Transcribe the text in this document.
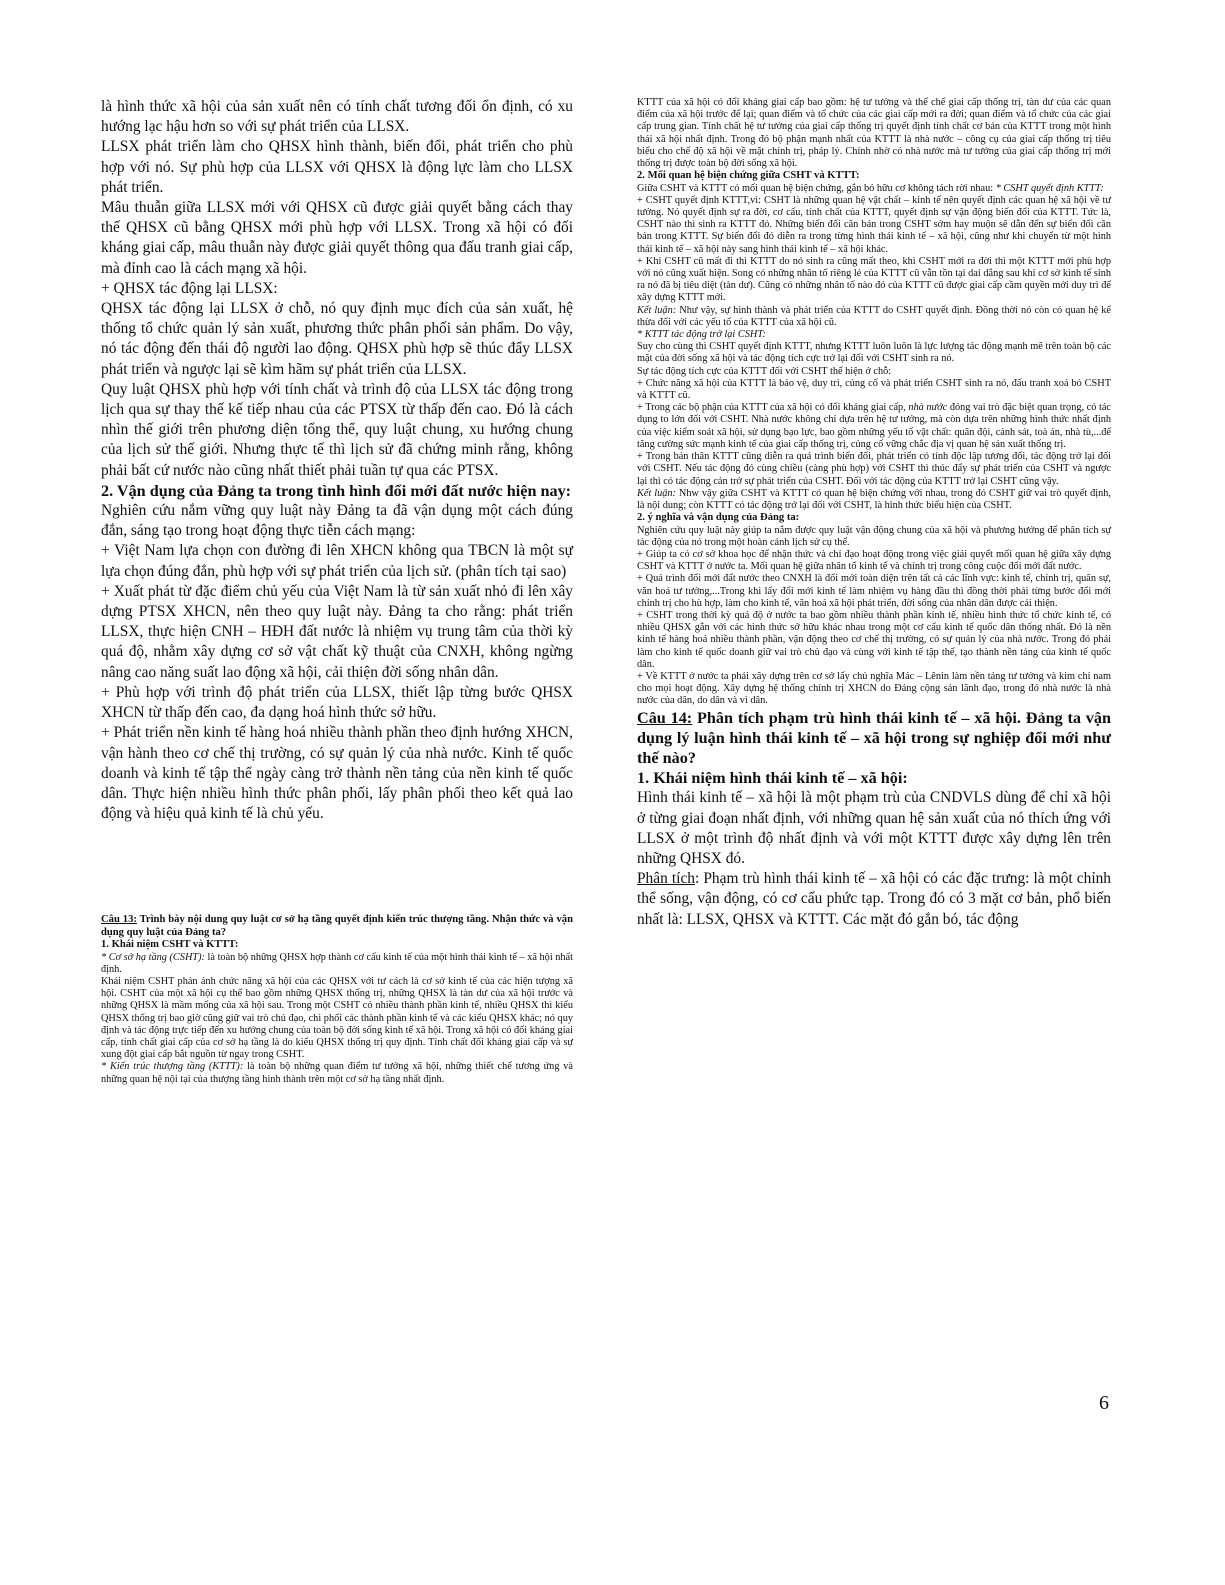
là hình thức xã hội của sản xuất nên có tính chất tương đối ổn định, có xu hướng lạc hậu hơn so với sự phát triển của LLSX.

LLSX phát triển làm cho QHSX hình thành, biến đổi, phát triển cho phù hợp với nó. Sự phù hợp của LLSX với QHSX là động lực làm cho LLSX phát triển.

Mâu thuẫn giữa LLSX mới với QHSX cũ được giải quyết bằng cách thay thế QHSX cũ bằng QHSX mới phù hợp với LLSX. Trong xã hội có đối kháng giai cấp, mâu thuẫn này được giải quyết thông qua đấu tranh giai cấp, mà đỉnh cao là cách mạng xã hội.

+ QHSX tác động lại LLSX:

QHSX tác động lại LLSX ở chỗ, nó quy định mục đích của sản xuất, hệ thống tổ chức quản lý sản xuất, phương thức phân phối sản phẩm. Do vậy, nó tác động đến thái độ người lao động. QHSX phù hợp sẽ thúc đẩy LLSX phát triển và ngược lại sẽ kìm hãm sự phát triển của LLSX.

Quy luật QHSX phù hợp với tính chất và trình độ của LLSX tác động trong lịch qua sự thay thế kế tiếp nhau của các PTSX từ thấp đến cao. Đó là cách nhìn thế giới trên phương diện tổng thể, quy luật chung, xu hướng chung của lịch sử thế giới. Nhưng thực tế thì lịch sử đã chứng minh rằng, không phải bất cứ nước nào cũng nhất thiết phải tuần tự qua các PTSX.

2. Vận dụng của Đảng ta trong tình hình đổi mới đất nước hiện nay:

Nghiên cứu nắm vững quy luật này Đảng ta đã vận dụng một cách đúng đắn, sáng tạo trong hoạt động thực tiễn cách mạng:

+ Việt Nam lựa chọn con đường đi lên XHCN không qua TBCN là một sự lựa chọn đúng đắn, phù hợp với sự phát triển của lịch sử. (phân tích tại sao)

+ Xuất phát từ đặc điểm chủ yếu của Việt Nam là từ sản xuất nhỏ đi lên xây dựng PTSX XHCN, nên theo quy luật này. Đảng ta cho rằng: phát triển LLSX, thực hiện CNH – HĐH đất nước là nhiệm vụ trung tâm của thời kỳ quá độ, nhằm xây dựng cơ sở vật chất kỹ thuật của CNXH, không ngừng nâng cao năng suất lao động xã hội, cải thiện đời sống nhân dân.

+ Phù hợp với trình độ phát triển của LLSX, thiết lập từng bước QHSX XHCN từ thấp đến cao, đa dạng hoá hình thức sở hữu.

+ Phát triển nền kinh tế hàng hoá nhiều thành phần theo định hướng XHCN, vận hành theo cơ chế thị trường, có sự quản lý của nhà nước. Kinh tế quốc doanh và kinh tế tập thể ngày càng trở thành nền tảng của nền kinh tế quốc dân. Thực hiện nhiều hình thức phân phối, lấy phân phối theo kết quả lao động và hiệu quả kinh tế là chủ yếu.

Câu 13: Trình bày nội dung quy luật cơ sở hạ tầng quyết định kiến trúc thượng tầng. Nhận thức và vận dụng quy luật của Đảng ta?

1. Khái niệm CSHT và KTTT:

* Cơ sở hạ tầng (CSHT): là toàn bộ những QHSX hợp thành cơ cấu kinh tế của một hình thái kinh tế – xã hội nhất định.

Khái niệm CSHT phản ánh chức năng xã hội của các QHSX với tư cách là cơ sở kinh tế của các hiện tượng xã hội. CSHT của một xã hội cụ thể bao gồm những QHSX thống trị, những QHSX là tàn dư của xã hội trước và những QHSX là mầm mống của xã hội sau. Trong một CSHT có nhiều thành phần kinh tế, nhiều QHSX thì kiểu QHSX thống trị bao giờ cũng giữ vai trò chủ đạo, chi phối các thành phần kinh tế và các kiểu QHSX khác; nó quy định và tác động trực tiếp đến xu hướng chung của toàn bộ đời sống kinh tế xã hội. Trong xã hội có đối kháng giai cấp, tính chất giai cấp của cơ sở hạ tầng là do kiểu QHSX thống trị quy định. Tính chất đối kháng giai cấp và sự xung đột giai cấp bắt nguồn từ ngay trong CSHT.

* Kiến trúc thượng tầng (KTTT): là toàn bộ những quan điểm tư tưởng xã hội, những thiết chế tương ứng và những quan hệ nội tại của thượng tầng hình thành trên một cơ sở hạ tầng nhất định.

KTTT của xã hội có đối kháng giai cấp bao gồm: hệ tư tưởng và thể chế giai cấp thống trị, tàn dư của các quan điểm của xã hội trước để lại; quan điểm và tổ chức của các giai cấp mới ra đời; quan điểm và tổ chức của các giai cấp trung gian. Tính chất hệ tư tưởng của giai cấp thống trị quyết định tính chất cơ bản của KTTT trong một hình thái xã hội nhất định. Trong đó bộ phận mạnh nhất của KTTT là nhà nước – công cụ của giai cấp thống trị tiêu biểu cho chế độ xã hội về mặt chính trị, pháp lý. Chính nhờ có nhà nước mà tư tưởng của giai cấp thống trị mới thống trị được toàn bộ đời sống xã hội.

2. Mối quan hệ biện chứng giữa CSHT và KTTT:

Giữa CSHT và KTTT có mối quan hệ biện chứng, gắn bó hữu cơ không tách rời nhau: * CSHT quyết định KTTT:

+ CSHT quyết định KTTT,vì: CSHT là những quan hệ vật chất – kinh tế nên quyết định các quan hệ xã hội về tư tưởng. Nó quyết định sự ra đời, cơ cấu, tính chất của KTTT, quyết định sự vận động biến đổi của KTTT. Tức là, CSHT nào thì sinh ra KTTT đó. Những biến đổi căn bản trong CSHT sớm hay muộn sẽ dẫn đến sự biến đổi căn bản trong KTTT. Sự biến đổi đó diễn ra trong từng hình thái kinh tế – xã hội, cũng như khi chuyển từ một hình thái kinh tế – xã hội này sang hình thái kinh tế – xã hội khác.

+ Khi CSHT cũ mất đi thì KTTT do nó sinh ra cũng mất theo, khi CSHT mới ra đời thì một KTTT mới phù hợp với nó cũng xuất hiện. Song có những nhân tố riêng lẻ của KTTT cũ vẫn tồn tại dai dẳng sau khi cơ sở kinh tế sinh ra nó đã bị tiêu diệt (tàn dư). Cũng có những nhân tố nào đó của KTTT cũ được giai cấp cầm quyền mới duy trì để xây dựng KTTT mới.

Kết luận: Như vậy, sự hình thành và phát triển của KTTT do CSHT quyết định. Đồng thời nó còn có quan hệ kế thừa đối với các yếu tố của KTTT của xã hội cũ.

* KTTT tác động trở lại CSHT:

Suy cho cùng thì CSHT quyết định KTTT, nhưng KTTT luôn luôn là lực lượng tác động mạnh mẽ trên toàn bộ các mặt của đời sống xã hội và tác động tích cực trở lại đối với CSHT sinh ra nó.

Sự tác động tích cực của KTTT đối với CSHT thể hiện ở chỗ:

+ Chức năng xã hội của KTTT là bảo vệ, duy trì, củng cố và phát triển CSHT sinh ra nó, đấu tranh xoá bỏ CSHT và KTTT cũ.

+ Trong các bộ phận của KTTT của xã hội có đối kháng giai cấp, nhà nước đóng vai trò đặc biệt quan trọng, có tác dụng to lớn đối với CSHT. Nhà nước không chỉ dựa trên hệ tư tưởng, mà còn dựa trên những hình thức nhất định của việc kiểm soát xã hội, sử dụng bạo lực, bao gồm những yếu tố vật chất: quân đội, cảnh sát, toà án, nhà tù,...để tăng cường sức mạnh kinh tế của giai cấp thống trị, củng cố vững chắc địa vị quan hệ sản xuất thống trị.

+ Trong bản thân KTTT cũng diễn ra quá trình biến đổi, phát triển có tính độc lập tương đối, tác động trở lại đối với CSHT. Nếu tác động đó cùng chiều (càng phù hợp) với CSHT thì thúc đẩy sự phát triển của CSHT và ngược lại thì có tác động cản trở sự phát triển của CSHT. Đối với tác động của KTTT trở lại CSHT cũng vậy.

Kết luận: Nhw vậy giữa CSHT và KTTT có quan hệ biện chứng với nhau, trong đó CSHT giữ vai trò quyết định, là nội dung; còn KTTT có tác động trở lại đối với CSHT, là hình thức biểu hiện của CSHT.

2. ý nghĩa và vận dụng của Đảng ta:

Nghiên cứu quy luật này giúp ta nắm được quy luật vận động chung của xã hội và phương hướng để phân tích sự tác động của nó trong một hoàn cảnh lịch sử cụ thể.

+ Giúp ta có cơ sở khoa học để nhận thức và chỉ đạo hoạt động trong việc giải quyết mối quan hệ giữa xây dựng CSHT và KTTT ở nước ta. Mối quan hệ giữa nhân tố kinh tế và chính trị trong công cuộc đổi mới đất nước.

+ Quá trình đổi mới đất nước theo CNXH là đổi mới toàn diện trên tất cả các lĩnh vực: kinh tế, chính trị, quân sự, văn hoá tư tưởng,...Trong khi lấy đổi mới kinh tế làm nhiệm vụ hàng đầu thì đồng thời phải từng bước đổi mới chính trị cho hù hợp, làm cho kinh tế, văn hoá xã hội phát triển, đời sống của nhân dân được cải thiện.

+ CSHT trong thời kỳ quá độ ở nước ta bao gồm nhiều thành phần kinh tế, nhiều hình thức tổ chức kinh tế, có nhiều QHSX gắn với các hình thức sở hữu khác nhau trong một cơ cấu kinh tế quốc dân thống nhất. Đó là nền kinh tế hàng hoá nhiều thành phần, vận động theo cơ chế thị trường, có sự quản lý của nhà nước. Trong đó phải làm cho kinh tế quốc doanh giữ vai trò chủ đạo và cùng với kinh tế tập thể, tạo thành nền tảng của kinh tế quốc dân.

+ Về KTTT ở nước ta phải xây dựng trên cơ sở lấy chủ nghĩa Mác – Lênin làm nền tảng tư tưởng và kim chỉ nam cho mọi hoạt động. Xây dựng hệ thống chính trị XHCN do Đảng cộng sản lãnh đạo, trong đó nhà nước là nhà nước của dân, do dân và vì dân.

Câu 14: Phân tích phạm trù hình thái kinh tế – xã hội. Đảng ta vận dụng lý luận hình thái kinh tế – xã hội trong sự nghiệp đổi mới như thế nào?

1. Khái niệm hình thái kinh tế – xã hội:

Hình thái kinh tế – xã hội là một phạm trù của CNDVLS dùng để chỉ xã hội ở từng giai đoạn nhất định, với những quan hệ sản xuất của nó thích ứng với LLSX ở một trình độ nhất định và với một KTTT được xây dựng lên trên những QHSX đó.

Phân tích: Phạm trù hình thái kinh tế – xã hội có các đặc trưng: là một chỉnh thể sống, vận động, có cơ cấu phức tạp. Trong đó có 3 mặt cơ bản, phổ biến nhất là: LLSX, QHSX và KTTT. Các mặt đó gắn bó, tác động

6
